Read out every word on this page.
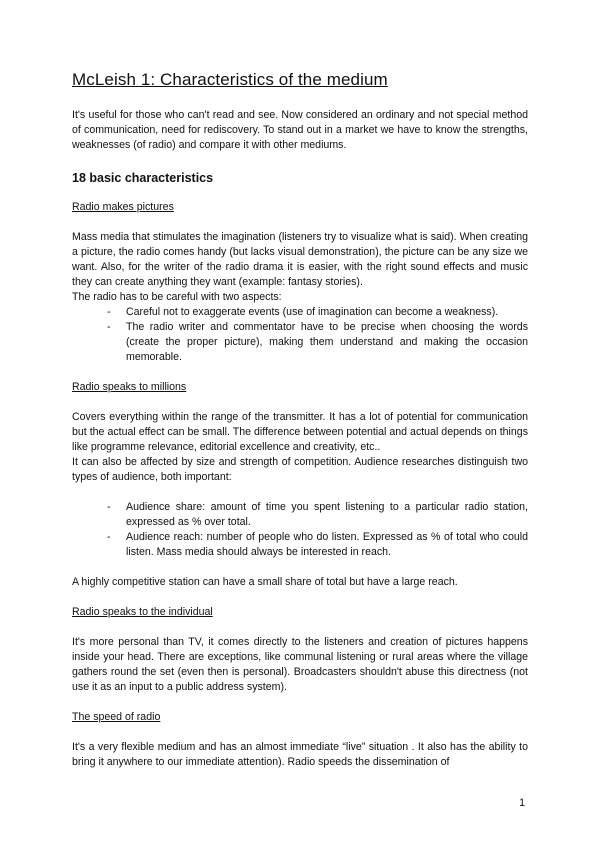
McLeish 1: Characteristics of the medium

It's useful for those who can't read and see. Now considered an ordinary and not special method of communication, need for rediscovery. To stand out in a market we have to know the strengths, weaknesses (of radio) and compare it with other mediums.

18 basic characteristics
Radio makes pictures

Mass media that stimulates the imagination (listeners try to visualize what is said). When creating a picture, the radio comes handy (but lacks visual demonstration), the picture can be any size we want. Also, for the writer of the radio drama it is easier, with the right sound effects and music they can create anything they want (example: fantasy stories).

The radio has to be careful with two aspects:

- Careful not to exaggerate events (use of imagination can become a weakness).
- The radio writer and commentator have to be precise when choosing the words (create the proper picture), making them understand and making the occasion memorable.
Radio speaks to millions

Covers everything within the range of the transmitter. It has a lot of potential for communication but the actual effect can be small. The difference between potential and actual depends on things like programme relevance, editorial excellence and creativity, etc..

It can also be affected by size and strength of competition. Audience researches distinguish two types of audience, both important:

- Audience share: amount of time you spent listening to a particular radio station, expressed as % over total.
- Audience reach: number of people who do listen. Expressed as % of total who could listen. Mass media should always be interested in reach.

A highly competitive station can have a small share of total but have a large reach.

Radio speaks to the individual

It's more personal than TV, it comes directly to the listeners and creation of pictures happens inside your head. There are exceptions, like communal listening or rural areas where the village gathers round the set (even then is personal). Broadcasters shouldn't abuse this directness (not use it as an input to a public address system).

The speed of radio

It's a very flexible medium and has an almost immediate “live” situation . It also has the ability to bring it anywhere to our immediate attention). Radio speeds the dissemination of

1
